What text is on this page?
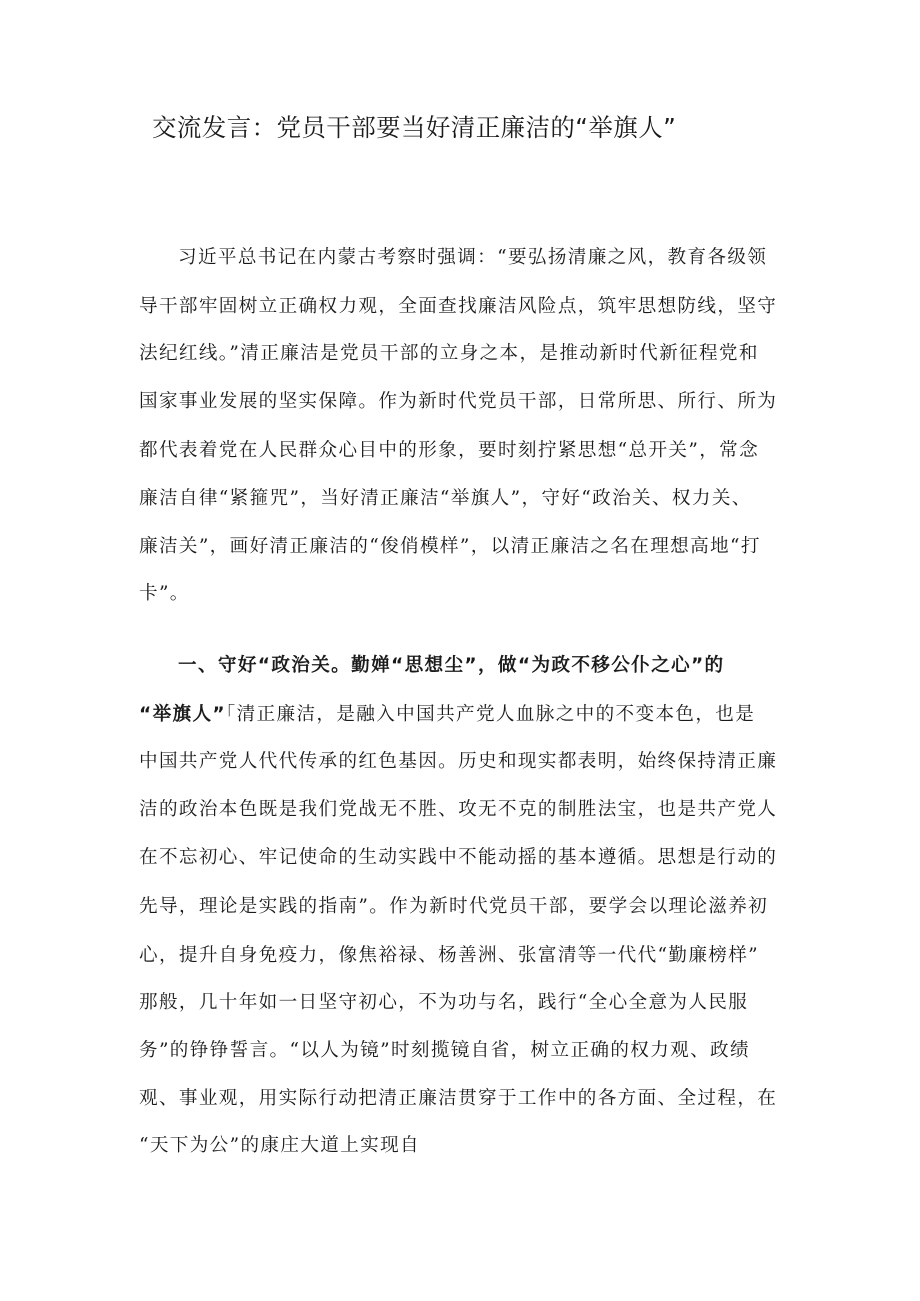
交流发言：党员干部要当好清正廉洁的“举旗人”
习近平总书记在内蒙古考察时强调：“要弘扬清廉之风，教育各级领
导干部牢固树立正确权力观，全面查找廉洁风险点，筑牢思想防线，坚守
法纪红线。”清正廉洁是党员干部的立身之本，是推动新时代新征程党和
国家事业发展的坚实保障。作为新时代党员干部，日常所思、所行、所为
都代表着党在人民群众心目中的形象，要时刻拧紧思想“总开关”，常念
廉洁自律“紧箍咒”，当好清正廉洁“举旗人”，守好“政治关、权力关、
廉洁关”，画好清正廉洁的“俊俏模样”，以清正廉洁之名在理想高地“打
卡”。
一、守好“政治关。勤婵“思想尘”，做“为政不移公仆之心”的
“举旗人”「清正廉洁，是融入中国共产党人血脉之中的不变本色，也是
中国共产党人代代传承的红色基因。历史和现实都表明，始终保持清正廉
洁的政治本色既是我们党战无不胜、攻无不克的制胜法宝，也是共产党人
在不忘初心、牢记使命的生动实践中不能动摇的基本遵循。思想是行动的
先导，理论是实践的指南”。作为新时代党员干部，要学会以理论滋养初
心，提升自身免疫力，像焦裕禄、杨善洲、张富清等一代代“勤廉榜样”
那般，几十年如一日坚守初心，不为功与名，践行“全心全意为人民服
务”的铮铮誓言。“以人为镜”时刻揽镜自省，树立正确的权力观、政绩
观、事业观，用实际行动把清正廉洁贯穿于工作中的各方面、全过程，在
“天下为公”的康庄大道上实现自
